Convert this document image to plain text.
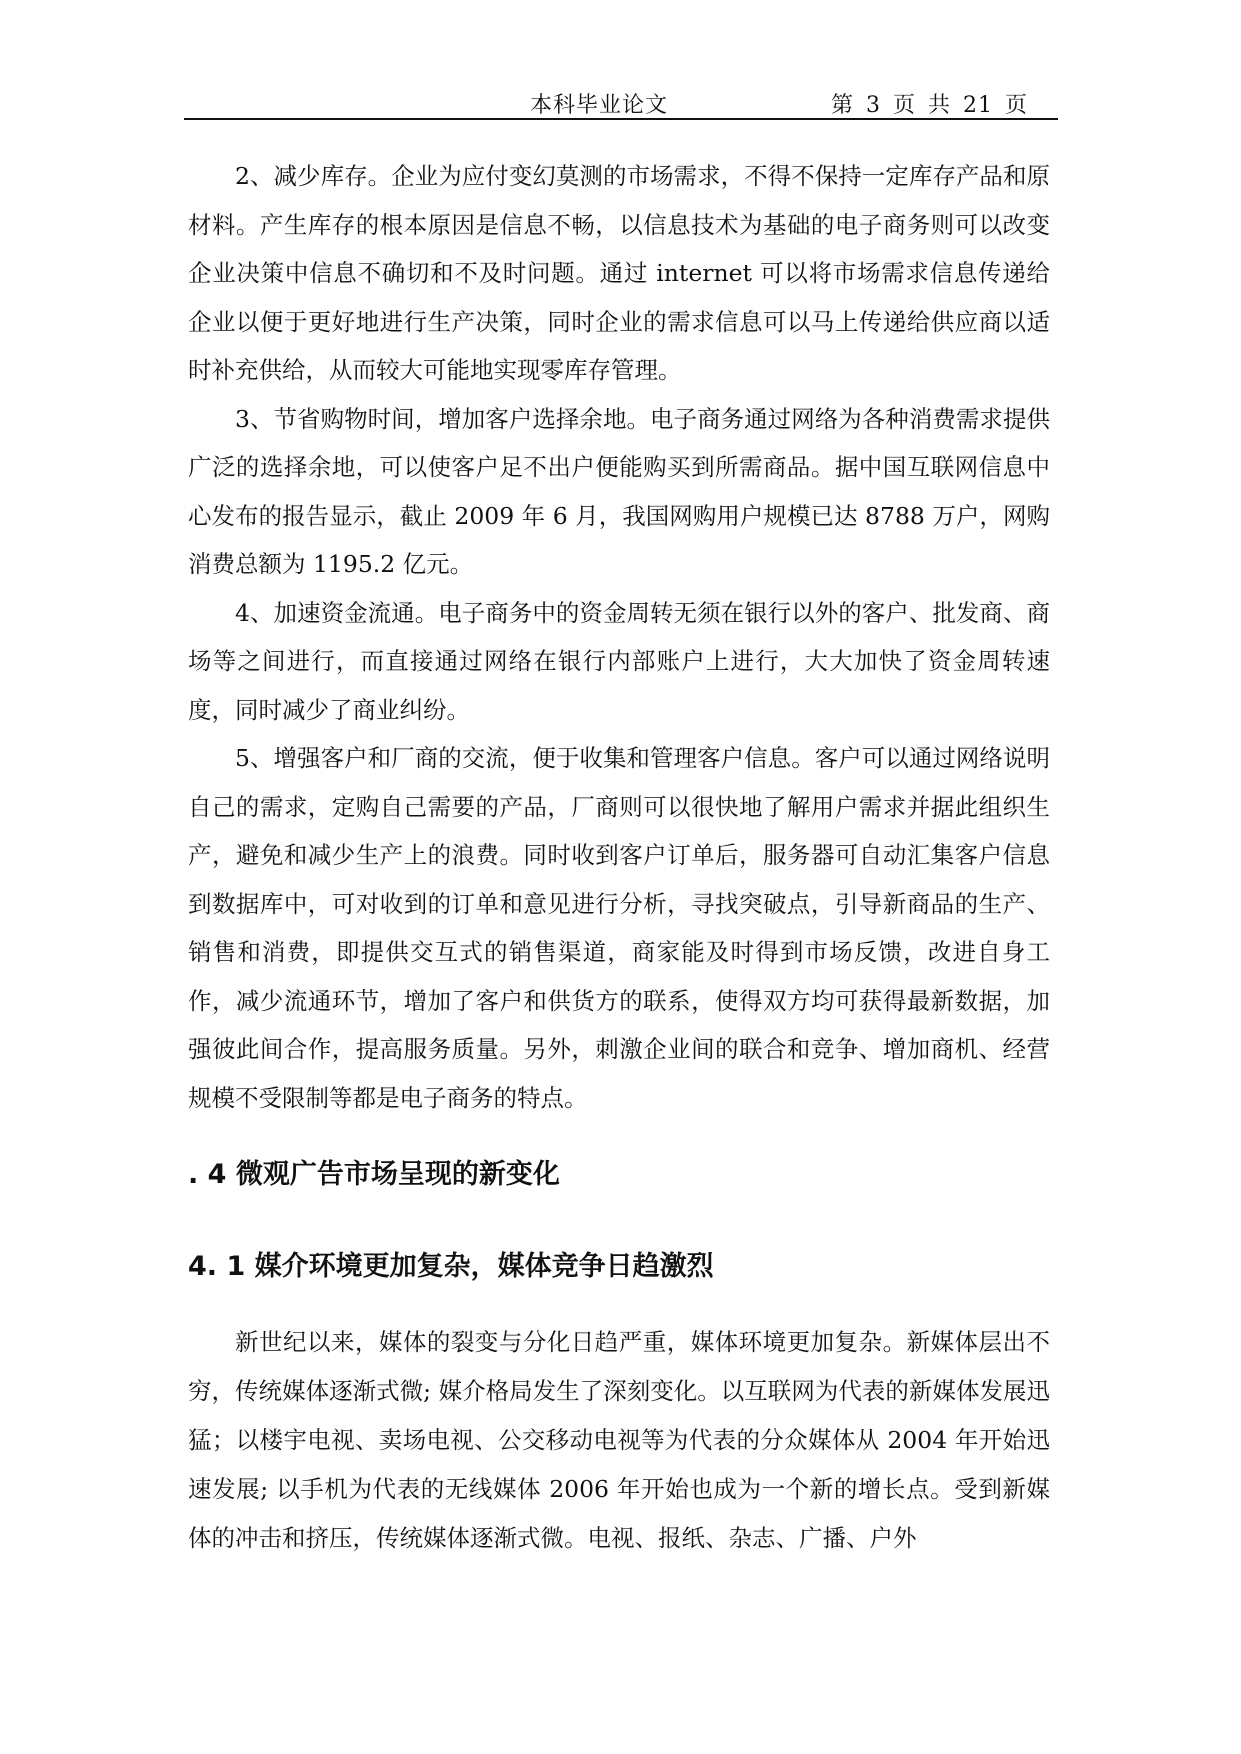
本科毕业论文	第 3 页 共 21 页

2、减少库存。企业为应付变幻莫测的市场需求，不得不保持一定库存产品和原材料。产生库存的根本原因是信息不畅，以信息技术为基础的电子商务则可以改变企业决策中信息不确切和不及时问题。通过 internet 可以将市场需求信息传递给企业以便于更好地进行生产决策，同时企业的需求信息可以马上传递给供应商以适时补充供给，从而较大可能地实现零库存管理。

3、节省购物时间，增加客户选择余地。电子商务通过网络为各种消费需求提供广泛的选择余地，可以使客户足不出户便能购买到所需商品。据中国互联网信息中心发布的报告显示，截止 2009 年 6 月，我国网购用户规模已达 8788 万户，网购消费总额为 1195.2 亿元。

4、加速资金流通。电子商务中的资金周转无须在银行以外的客户、批发商、商场等之间进行，而直接通过网络在银行内部账户上进行，大大加快了资金周转速度，同时减少了商业纠纷。

5、增强客户和厂商的交流，便于收集和管理客户信息。客户可以通过网络说明自己的需求，定购自己需要的产品，厂商则可以很快地了解用户需求并据此组织生产，避免和减少生产上的浪费。同时收到客户订单后，服务器可自动汇集客户信息到数据库中，可对收到的订单和意见进行分析，寻找突破点，引导新商品的生产、销售和消费，即提供交互式的销售渠道，商家能及时得到市场反馈，改进自身工作，减少流通环节，增加了客户和供货方的联系，使得双方均可获得最新数据，加强彼此间合作，提高服务质量。另外，刺激企业间的联合和竞争、增加商机、经营规模不受限制等都是电子商务的特点。

. 4 微观广告市场呈现的新变化
4. 1 媒介环境更加复杂，媒体竞争日趋激烈

新世纪以来，媒体的裂变与分化日趋严重，媒体环境更加复杂。新媒体层出不穷，传统媒体逐渐式微; 媒介格局发生了深刻变化。以互联网为代表的新媒体发展迅猛；以楼宇电视、卖场电视、公交移动电视等为代表的分众媒体从 2004 年开始迅速发展; 以手机为代表的无线媒体 2006 年开始也成为一个新的增长点。受到新媒体的冲击和挤压，传统媒体逐渐式微。电视、报纸、杂志、广播、户外
